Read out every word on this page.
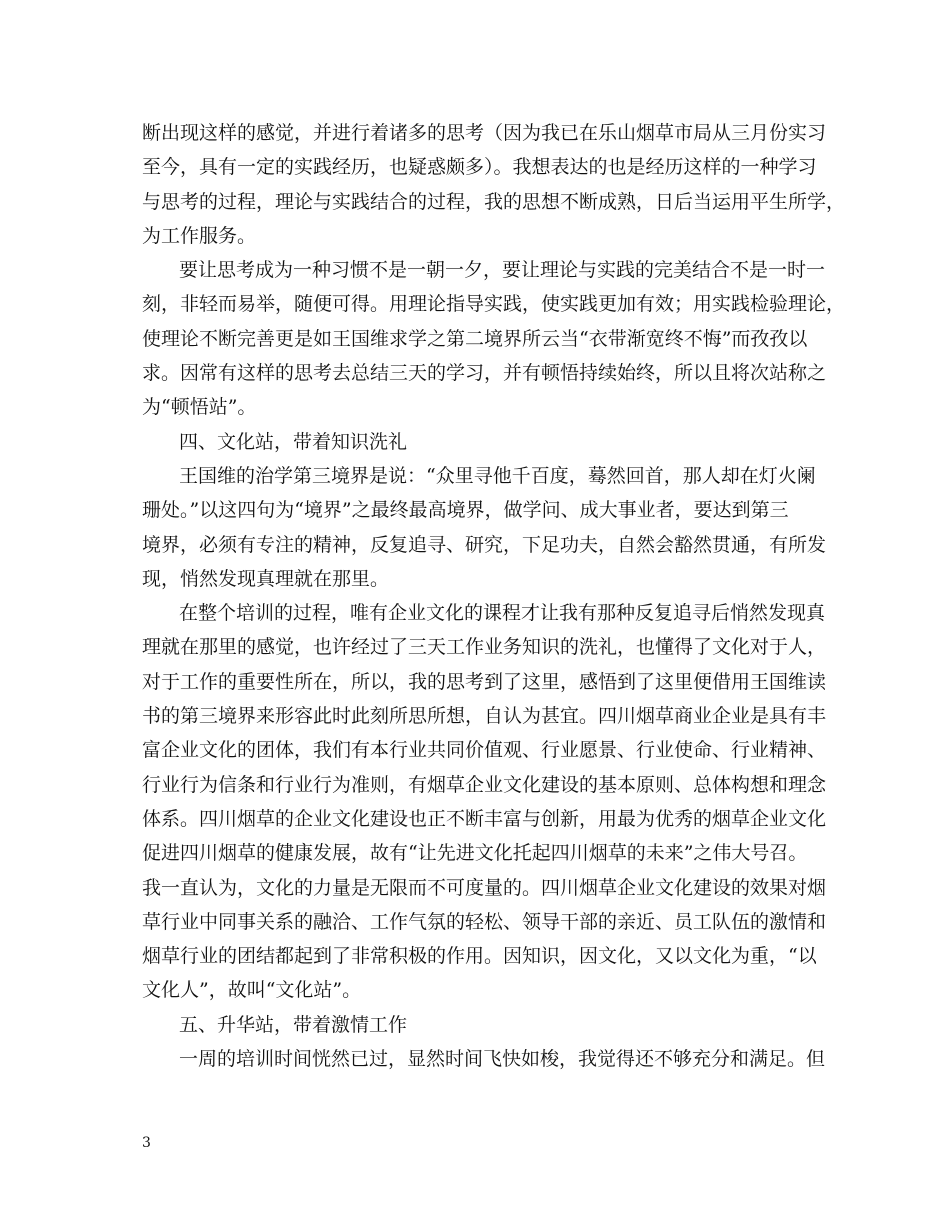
断出现这样的感觉，并进行着诸多的思考（因为我已在乐山烟草市局从三月份实习
至今，具有一定的实践经历，也疑惑颇多）。我想表达的也是经历这样的一种学习
与思考的过程，理论与实践结合的过程，我的思想不断成熟，日后当运用平生所学，
为工作服务。
要让思考成为一种习惯不是一朝一夕，要让理论与实践的完美结合不是一时一
刻，非轻而易举，随便可得。用理论指导实践，使实践更加有效；用实践检验理论，
使理论不断完善更是如王国维求学之第二境界所云当“衣带渐宽终不悔”而孜孜以
求。因常有这样的思考去总结三天的学习，并有顿悟持续始终，所以且将次站称之
为“顿悟站”。
四、文化站，带着知识洗礼
王国维的治学第三境界是说：“众里寻他千百度，蓦然回首，那人却在灯火阑
珊处。”以这四句为“境界”之最终最高境界，做学问、成大事业者，要达到第三
境界，必须有专注的精神，反复追寻、研究，下足功夫，自然会豁然贯通，有所发
现，悄然发现真理就在那里。
在整个培训的过程，唯有企业文化的课程才让我有那种反复追寻后悄然发现真
理就在那里的感觉，也许经过了三天工作业务知识的洗礼，也懂得了文化对于人，
对于工作的重要性所在，所以，我的思考到了这里，感悟到了这里便借用王国维读
书的第三境界来形容此时此刻所思所想，自认为甚宜。四川烟草商业企业是具有丰
富企业文化的团体，我们有本行业共同价值观、行业愿景、行业使命、行业精神、
行业行为信条和行业行为准则，有烟草企业文化建设的基本原则、总体构想和理念
体系。四川烟草的企业文化建设也正不断丰富与创新，用最为优秀的烟草企业文化
促进四川烟草的健康发展，故有“让先进文化托起四川烟草的未来”之伟大号召。
我一直认为，文化的力量是无限而不可度量的。四川烟草企业文化建设的效果对烟
草行业中同事关系的融洽、工作气氛的轻松、领导干部的亲近、员工队伍的激情和
烟草行业的团结都起到了非常积极的作用。因知识，因文化，又以文化为重，“以
文化人”，故叫“文化站”。
五、升华站，带着激情工作
一周的培训时间恍然已过，显然时间飞快如梭，我觉得还不够充分和满足。但
3
